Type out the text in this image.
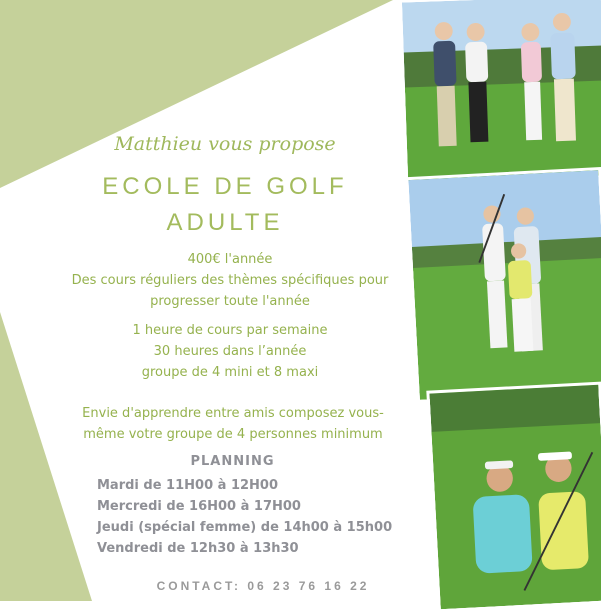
Matthieu vous propose
ECOLE DE GOLF
ADULTE
400€ l'année
Des cours réguliers des thèmes spécifiques pour
progresser toute l'année
1 heure de cours par semaine
30 heures dans l’année
groupe de 4 mini et 8 maxi
Envie d'apprendre entre amis composez vous-
même votre groupe de 4 personnes minimum
PLANNING
Mardi de 11H00 à 12H00
Mercredi de 16H00 à 17H00
Jeudi (spécial femme) de 14h00 à 15h00
Vendredi de 12h30 à 13h30
CONTACT: 06 23 76 16 22
